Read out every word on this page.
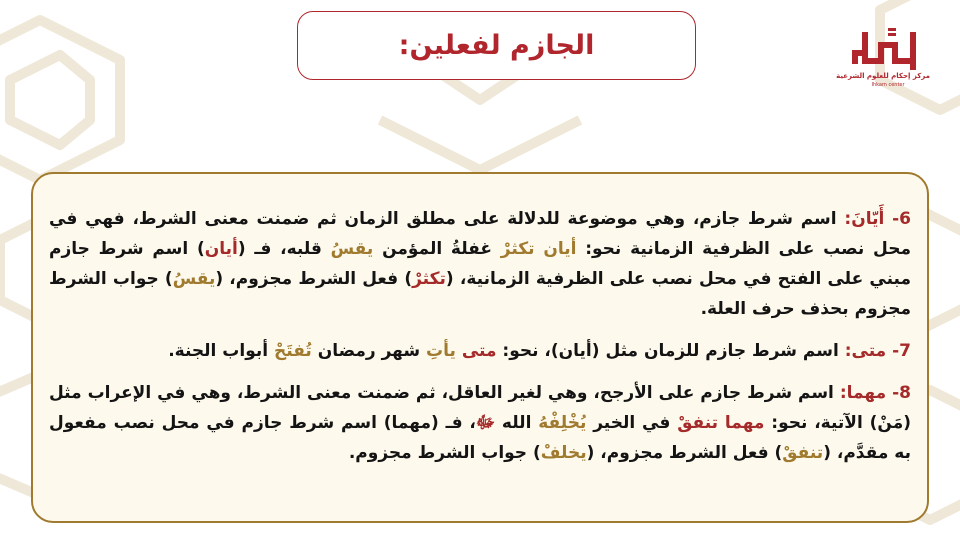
الجازم لفعلين:
مركز إحكام للعلوم الشرعية
Ihkam center

6- أَيّانَ: اسم شرط جازم، وهي موضوعة للدلالة على مطلق الزمان ثم ضمنت معنى الشرط، فهي في محل نصب على الظرفية الزمانية نحو: أيان تكثرْ غفلةُ المؤمن يقسُ قلبه، فـ (أيان) اسم شرط جازم مبني على الفتح في محل نصب على الظرفية الزمانية، (تكثرْ) فعل الشرط مجزوم، (يقسُ) جواب الشرط مجزوم بحذف حرف العلة.

7- متى: اسم شرط جازم للزمان مثل (أيان)، نحو: متى يأتِ شهر رمضان تُفتَحْ أبواب الجنة.

8- مهما: اسم شرط جازم على الأرجح، وهي لغير العاقل، ثم ضمنت معنى الشرط، وهي في الإعراب مثل (مَنْ) الآتية، نحو: مهما تنفقْ في الخير يُخْلِفْهُ الله ﷻ، فـ (مهما) اسم شرط جازم في محل نصب مفعول به مقدَّم، (تنفقْ) فعل الشرط مجزوم، (يخلفْ) جواب الشرط مجزوم.
